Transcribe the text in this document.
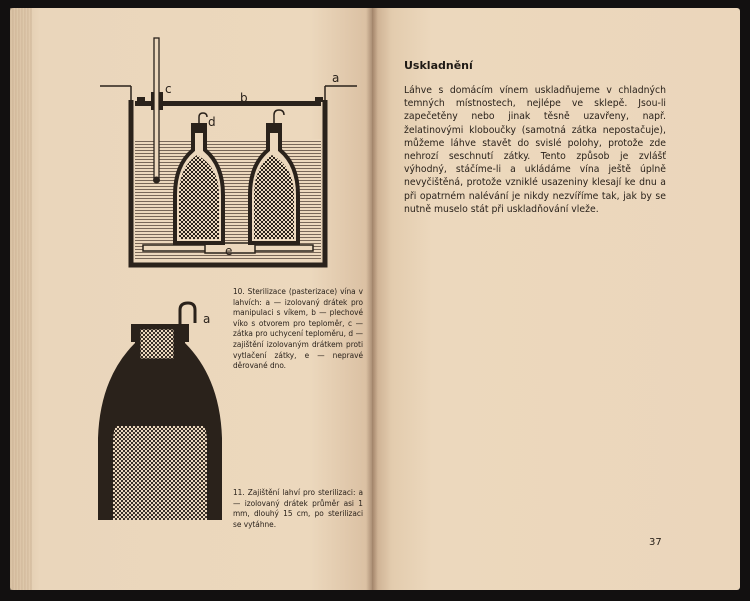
a
b
c
d
e
10. Sterilizace (pasterizace) vína v lahvích: a — izolovaný drátek pro manipulaci s víkem, b — plechové víko s otvorem pro teploměr, c — zátka pro uchycení teploměru, d — zajištění izolovaným drátkem proti vytlačení zátky, e — nepravé děrované dno.
a
11. Zajištění lahví pro sterilizaci: a — izolovaný drátek průměr asi 1 mm, dlouhý 15 cm, po sterilizaci se vytáhne.
Uskladnění
Láhve s domácím vínem uskladňujeme v chladných temných místnostech, nejlépe ve sklepě. Jsou-li zapečetěny nebo jinak těsně uzavřeny, např. želatinovými kloboučky (samotná zátka nepostačuje), můžeme láhve stavět do svislé polohy, protože zde nehrozí seschnutí zátky. Tento způsob je zvlášť výhodný, stáčíme-li a ukládáme vína ještě úplně nevyčištěná, protože vzniklé usazeniny klesají ke dnu a při opatrném nalévání je nikdy nezvíříme tak, jak by se nutně muselo stát při uskladňování vleže.
37
